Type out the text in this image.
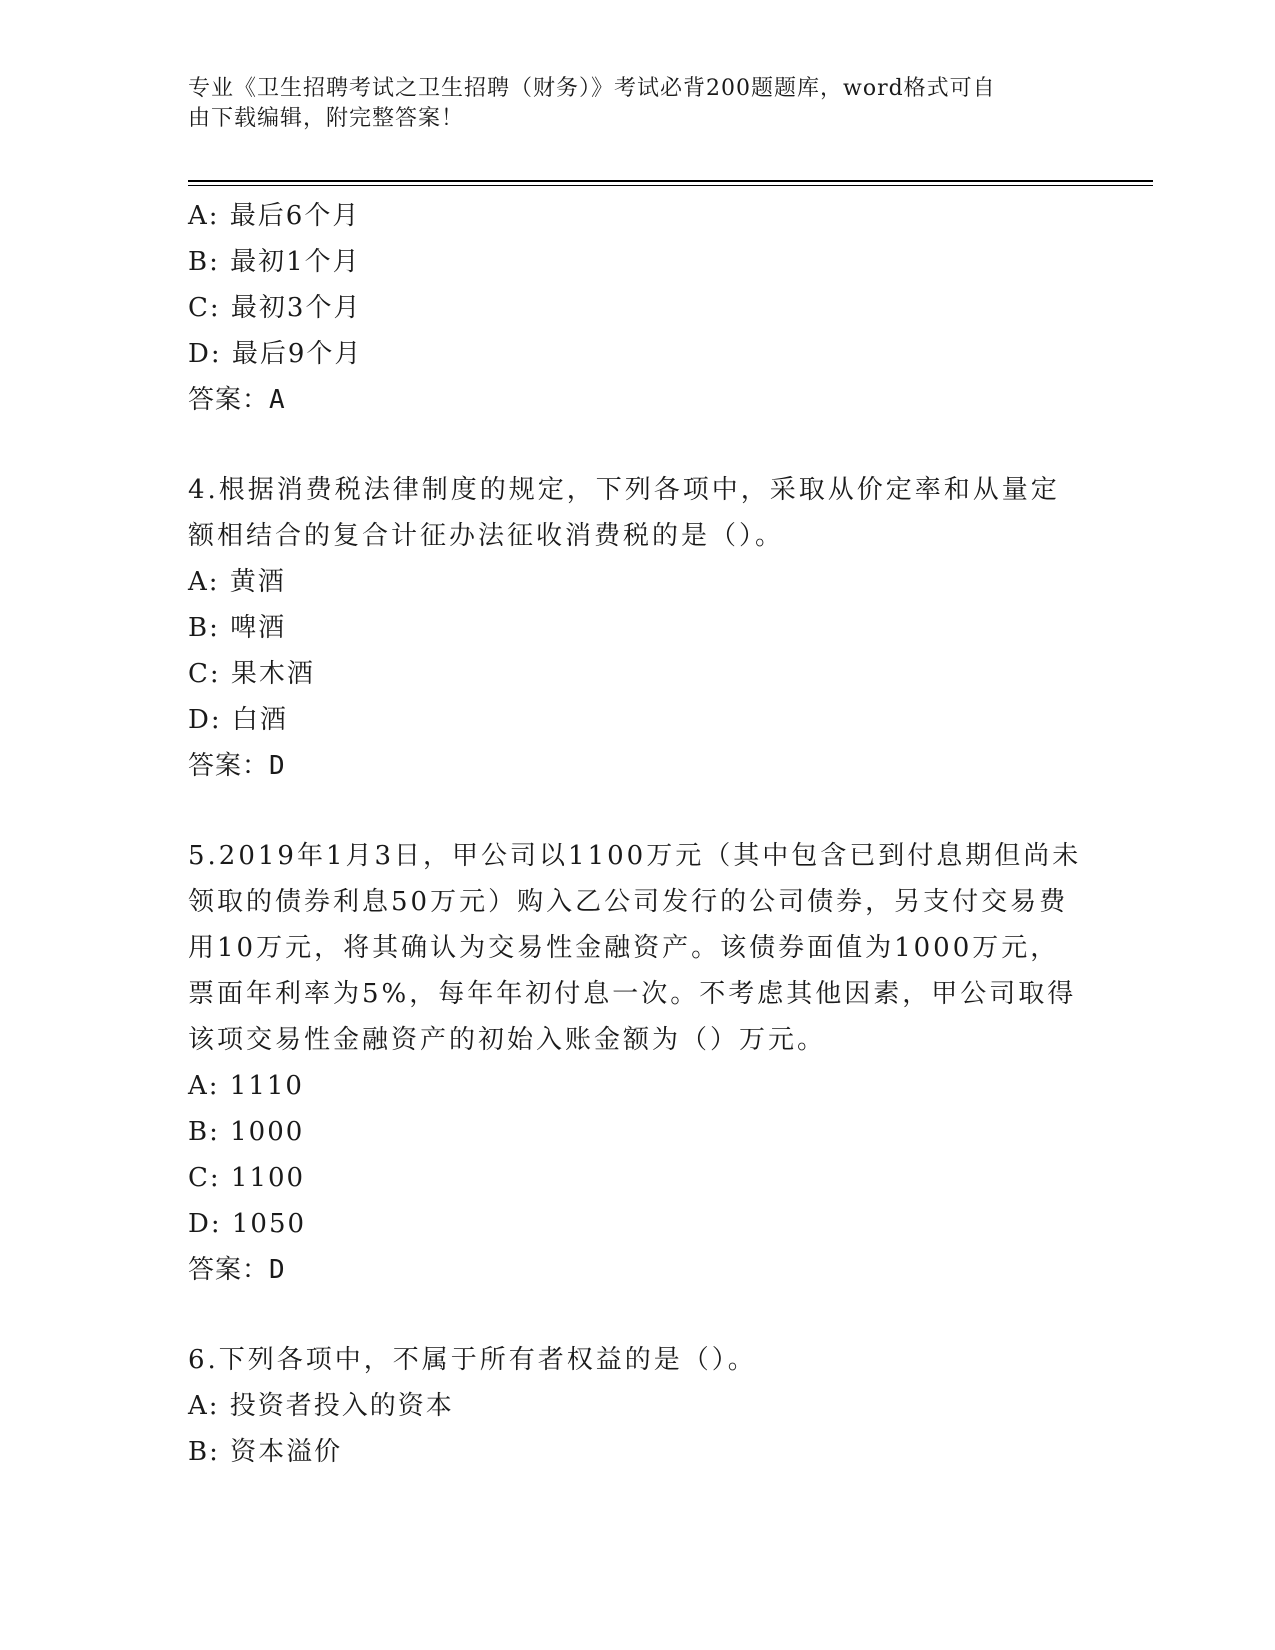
专业《卫生招聘考试之卫生招聘（财务）》考试必背200题题库，word格式可自
由下载编辑，附完整答案！
A: 最后6个月
B: 最初1个月
C: 最初3个月
D: 最后9个月
答案：A
4.根据消费税法律制度的规定，下列各项中，采取从价定率和从量定
额相结合的复合计征办法征收消费税的是（）。
A: 黄酒
B: 啤酒
C: 果木酒
D: 白酒
答案：D
5.2019年1月3日，甲公司以1100万元（其中包含已到付息期但尚未
领取的债券利息50万元）购入乙公司发行的公司债券，另支付交易费
用10万元，将其确认为交易性金融资产。该债券面值为1000万元，
票面年利率为5%，每年年初付息一次。不考虑其他因素，甲公司取得
该项交易性金融资产的初始入账金额为（）万元。
A: 1110
B: 1000
C: 1100
D: 1050
答案：D
6.下列各项中，不属于所有者权益的是（）。
A: 投资者投入的资本
B: 资本溢价
